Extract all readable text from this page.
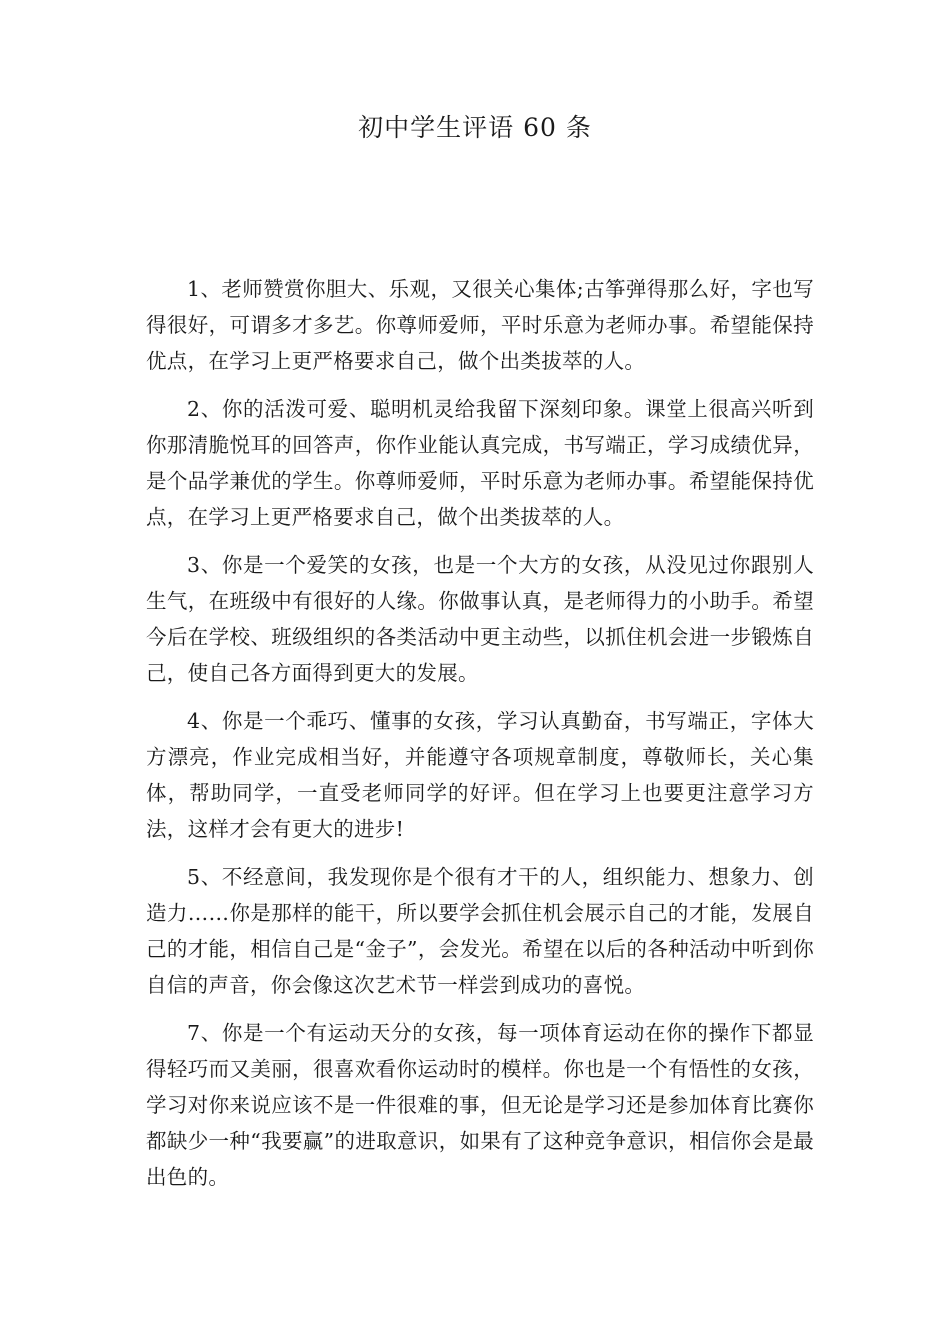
初中学生评语 60 条

1、老师赞赏你胆大、乐观，又很关心集体;古筝弹得那么好，字也写得很好，可谓多才多艺。你尊师爱师，平时乐意为老师办事。希望能保持优点，在学习上更严格要求自己，做个出类拔萃的人。

2、你的活泼可爱、聪明机灵给我留下深刻印象。课堂上很高兴听到你那清脆悦耳的回答声，你作业能认真完成，书写端正，学习成绩优异，是个品学兼优的学生。你尊师爱师，平时乐意为老师办事。希望能保持优点，在学习上更严格要求自己，做个出类拔萃的人。

3、你是一个爱笑的女孩，也是一个大方的女孩，从没见过你跟别人生气，在班级中有很好的人缘。你做事认真，是老师得力的小助手。希望今后在学校、班级组织的各类活动中更主动些，以抓住机会进一步锻炼自己，使自己各方面得到更大的发展。

4、你是一个乖巧、懂事的女孩，学习认真勤奋，书写端正，字体大方漂亮，作业完成相当好，并能遵守各项规章制度，尊敬师长，关心集体，帮助同学，一直受老师同学的好评。但在学习上也要更注意学习方法，这样才会有更大的进步!

5、不经意间，我发现你是个很有才干的人，组织能力、想象力、创造力……你是那样的能干，所以要学会抓住机会展示自己的才能，发展自己的才能，相信自己是“金子”，会发光。希望在以后的各种活动中听到你自信的声音，你会像这次艺术节一样尝到成功的喜悦。

7、你是一个有运动天分的女孩，每一项体育运动在你的操作下都显得轻巧而又美丽，很喜欢看你运动时的模样。你也是一个有悟性的女孩，学习对你来说应该不是一件很难的事，但无论是学习还是参加体育比赛你都缺少一种“我要赢”的进取意识，如果有了这种竞争意识，相信你会是最出色的。
